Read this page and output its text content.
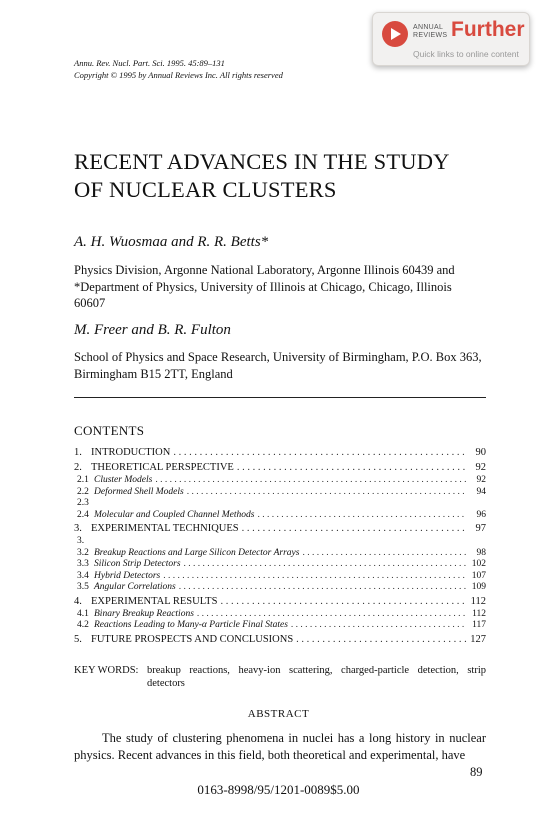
ANNUAL
REVIEWS Further
Quick links to online content
Annu. Rev. Nucl. Part. Sci. 1995. 45:89–131
Copyright © 1995 by Annual Reviews Inc. All rights reserved
RECENT ADVANCES IN THE STUDY
OF NUCLEAR CLUSTERS
A. H. Wuosmaa and R. R. Betts*
Physics Division, Argonne National Laboratory, Argonne Illinois 60439 and *Department of Physics, University of Illinois at Chicago, Chicago, Illinois 60607
M. Freer and B. R. Fulton
School of Physics and Space Research, University of Birmingham, P.O. Box 363, Birmingham B15 2TT, England
CONTENTS
1. INTRODUCTION . . .	90
2. THEORETICAL PERSPECTIVE . . .	92
2.1 Cluster Models . . .	92
2.2 Deformed Shell Models . . .	94
2.3
2.4 Molecular and Coupled Channel Methods . . .	96
3. EXPERIMENTAL TECHNIQUES . . .	97
3.
3.2 Breakup Reactions and Large Silicon Detector Arrays . . .	98
3.3 Silicon Strip Detectors . . .	102
3.4 Hybrid Detectors . . .	107
3.5 Angular Correlations . . .	109
4. EXPERIMENTAL RESULTS . . .	112
4.1 Binary Breakup Reactions . . .	112
4.2 Reactions Leading to Many-α Particle Final States . . .	117
5. FUTURE PROSPECTS AND CONCLUSIONS . . .	127
KEY WORDS: breakup reactions, heavy-ion scattering, charged-particle detection, strip detectors
ABSTRACT
The study of clustering phenomena in nuclei has a long history in nuclear
physics. Recent advances in this field, both theoretical and experimental, have
89
0163-8998/95/1201-0089$5.00
